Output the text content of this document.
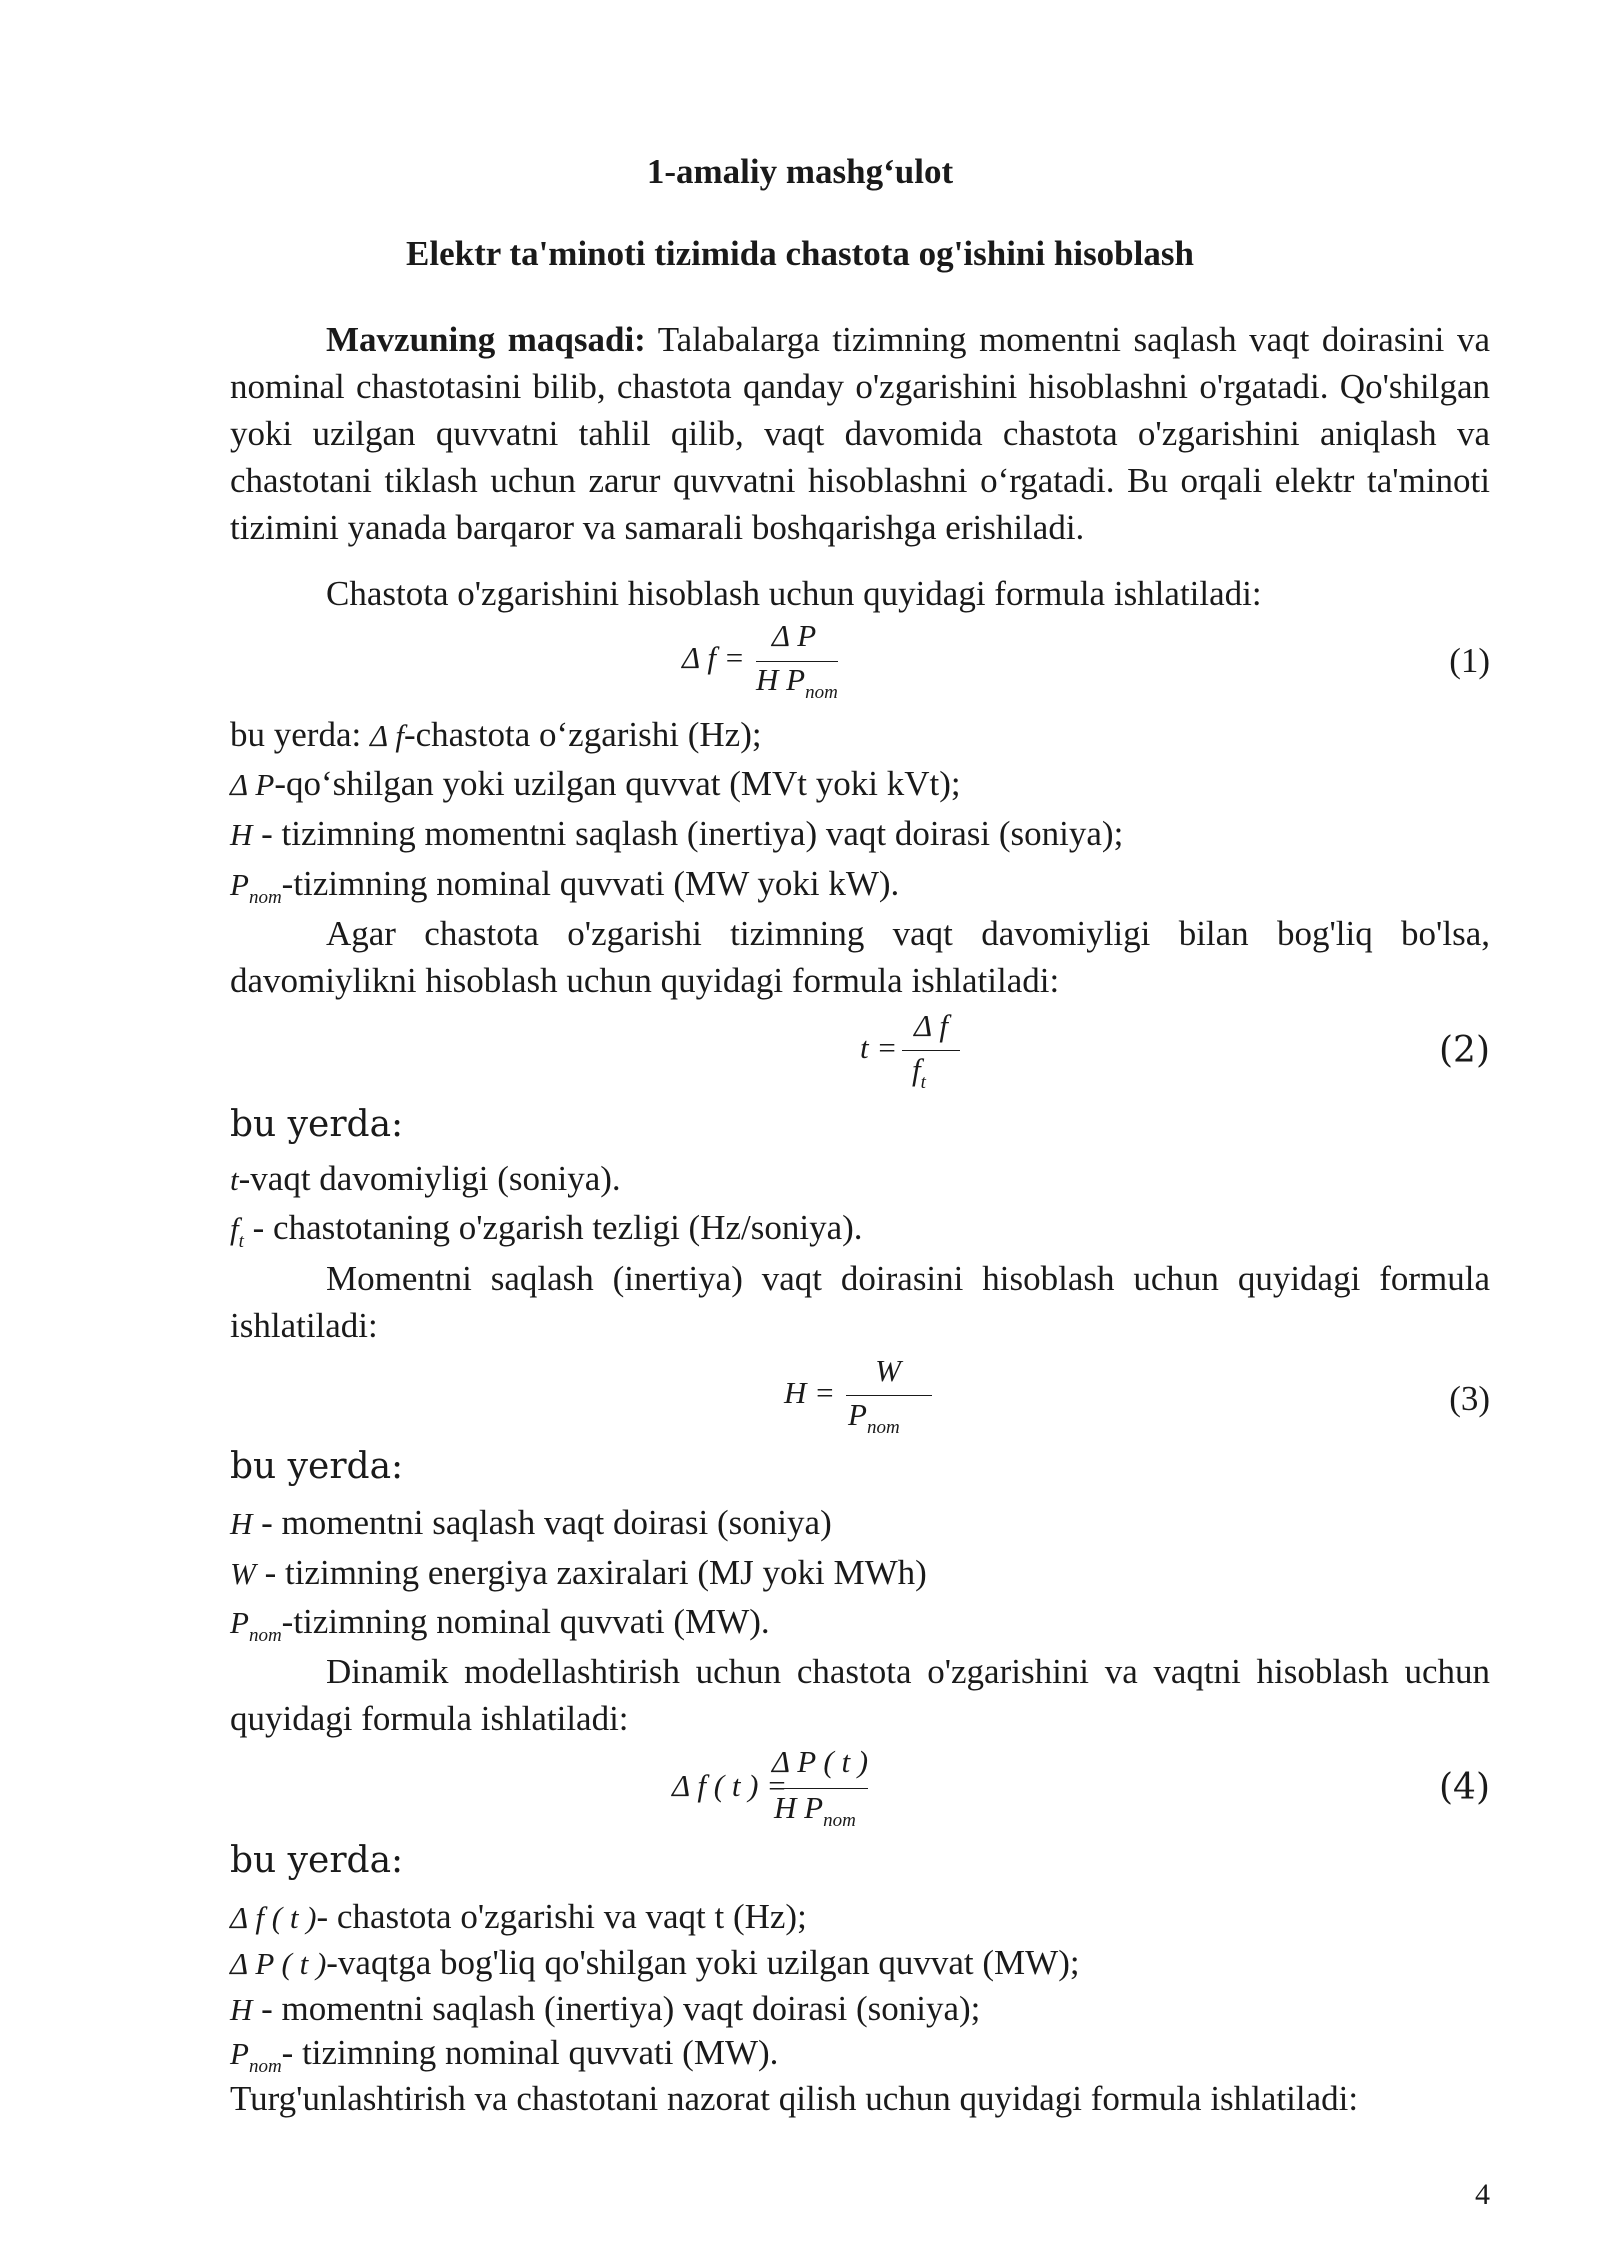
1-amaliy mashg‘ulot
Elektr ta'minoti tizimida chastota og'ishini hisoblash
Mavzuning maqsadi: Talabalarga tizimning momentni saqlash vaqt doirasini va nominal chastotasini bilib, chastota qanday o'zgarishini hisoblashni o'rgatadi. Qo'shilgan yoki uzilgan quvvatni tahlil qilib, vaqt davomida chastota o'zgarishini aniqlash va chastotani tiklash uchun zarur quvvatni hisoblashni o‘rgatadi. Bu orqali elektr ta'minoti tizimini yanada barqaror va samarali boshqarishga erishiladi.
Chastota o'zgarishini hisoblash uchun quyidagi formula ishlatiladi:
Δ f =
Δ P
H $P_{nom}$
(1)
bu yerda: Δ f-chastota o‘zgarishi (Hz);
Δ P-qo‘shilgan yoki uzilgan quvvat (MVt yoki kVt);
H - tizimning momentni saqlash (inertiya) vaqt doirasi (soniya);
$P_{nom}$-tizimning nominal quvvati (MW yoki kW).
Agar chastota o'zgarishi tizimning vaqt davomiyligi bilan bog'liq bo'lsa, davomiylikni hisoblash uchun quyidagi formula ishlatiladi:
t =
Δ f
$f_t$
(2)
bu yerda:
t-vaqt davomiyligi (soniya).
$f_t$ - chastotaning o'zgarish tezligi (Hz/soniya).
Momentni saqlash (inertiya) vaqt doirasini hisoblash uchun quyidagi formula ishlatiladi:
H =
W
$P_{nom}$
(3)
bu yerda:
H - momentni saqlash vaqt doirasi (soniya)
W - tizimning energiya zaxiralari (MJ yoki MWh)
$P_{nom}$-tizimning nominal quvvati (MW).
Dinamik modellashtirish uchun chastota o'zgarishini va vaqtni hisoblash uchun quyidagi formula ishlatiladi:
Δ f ( t ) =
Δ P ( t )
H $P_{nom}$
(4)
bu yerda:
Δ f ( t )- chastota o'zgarishi va vaqt t (Hz);
Δ P ( t )-vaqtga bog'liq qo'shilgan yoki uzilgan quvvat (MW);
H - momentni saqlash (inertiya) vaqt doirasi (soniya);
$P_{nom}-$ tizimning nominal quvvati (MW).
Turg'unlashtirish va chastotani nazorat qilish uchun quyidagi formula ishlatiladi:
4
